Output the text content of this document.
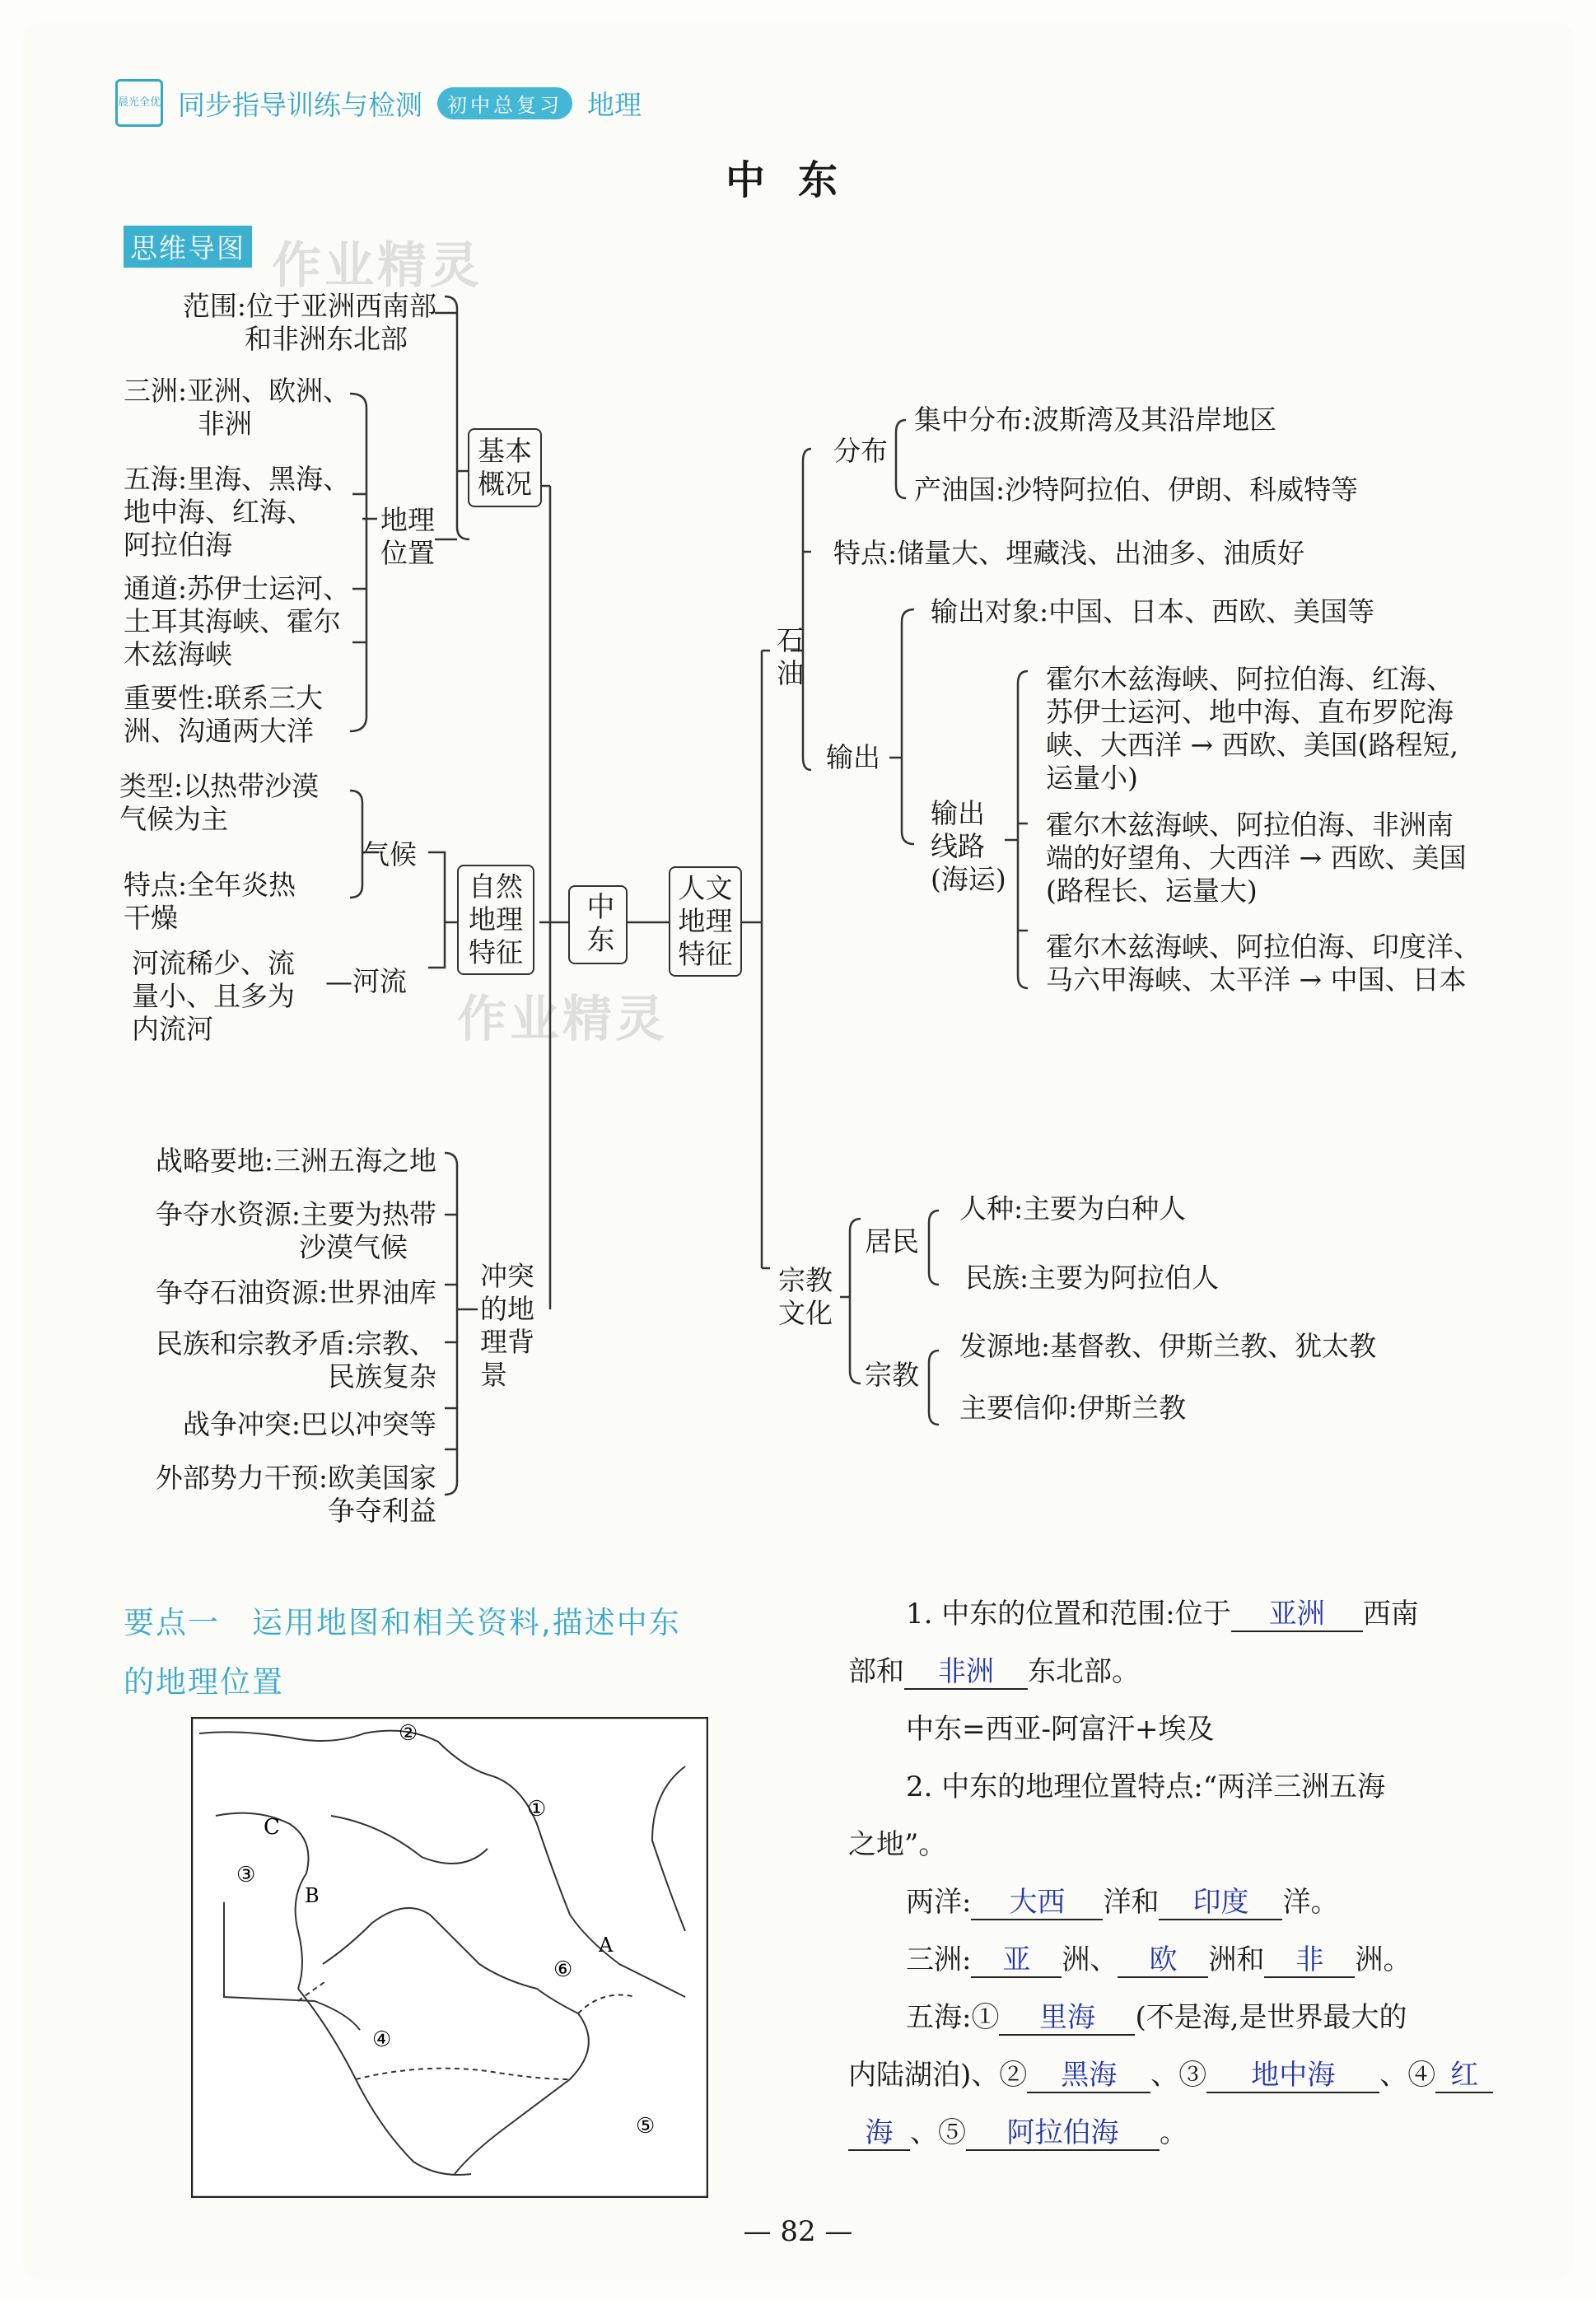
晨光全优 同步指导训练与检测	初中总复习 地理
中东
思维导图 作业精灵
作业精灵
范围:位于亚洲西南部
和非洲东北部
基本
概况
三洲:亚洲、欧洲、
非洲
五海:里海、黑海、
地中海、红海、
阿拉伯海
地理
位置
通道:苏伊士运河、
土耳其海峡、霍尔
木兹海峡
重要性:联系三大
洲、沟通两大洋
类型:以热带沙漠
气候为主
气候
特点:全年炎热
干燥
自然
地理
特征
河流稀少、流
量小、且多为
内流河
—河流
中东
战略要地:三洲五海之地
争夺水资源:主要为热带
沙漠气候
争夺石油资源:世界油库
民族和宗教矛盾:宗教、
民族复杂
战争冲突:巴以冲突等
外部势力干预:欧美国家
争夺利益
冲突
的地
理背
景
人文
地理
特征
石
油
分布
集中分布:波斯湾及其沿岸地区
产油国:沙特阿拉伯、伊朗、科威特等
特点:储量大、埋藏浅、出油多、油质好
输出对象:中国、日本、西欧、美国等
输出
输出
线路
(海运)
霍尔木兹海峡、阿拉伯海、红海、
苏伊士运河、地中海、直布罗陀海
峡、大西洋 → 西欧、美国(路程短,
运量小)
霍尔木兹海峡、阿拉伯海、非洲南
端的好望角、大西洋 → 西欧、美国
(路程长、运量大)
霍尔木兹海峡、阿拉伯海、印度洋、
马六甲海峡、太平洋 → 中国、日本
宗教
文化
居民
人种:主要为白种人
民族:主要为阿拉伯人
宗教
发源地:基督教、伊斯兰教、犹太教
主要信仰:伊斯兰教
要点一　运用地图和相关资料,描述中东
的地理位置
②
①
C
③
B
A
⑥
④
⑤
1. 中东的位置和范围:位于 亚洲 西南
部和 非洲 东北部。
中东=西亚-阿富汗+埃及
2. 中东的地理位置特点:“两洋三洲五海
之地”。
两洋: 大西 洋和 印度 洋。
三洲: 亚 洲、 欧 洲和 非 洲。
五海:① 里海 (不是海,是世界最大的
内陆湖泊)、② 黑海 、③ 地中海 、④ 红
海 、⑤ 阿拉伯海 。
— 82 —
